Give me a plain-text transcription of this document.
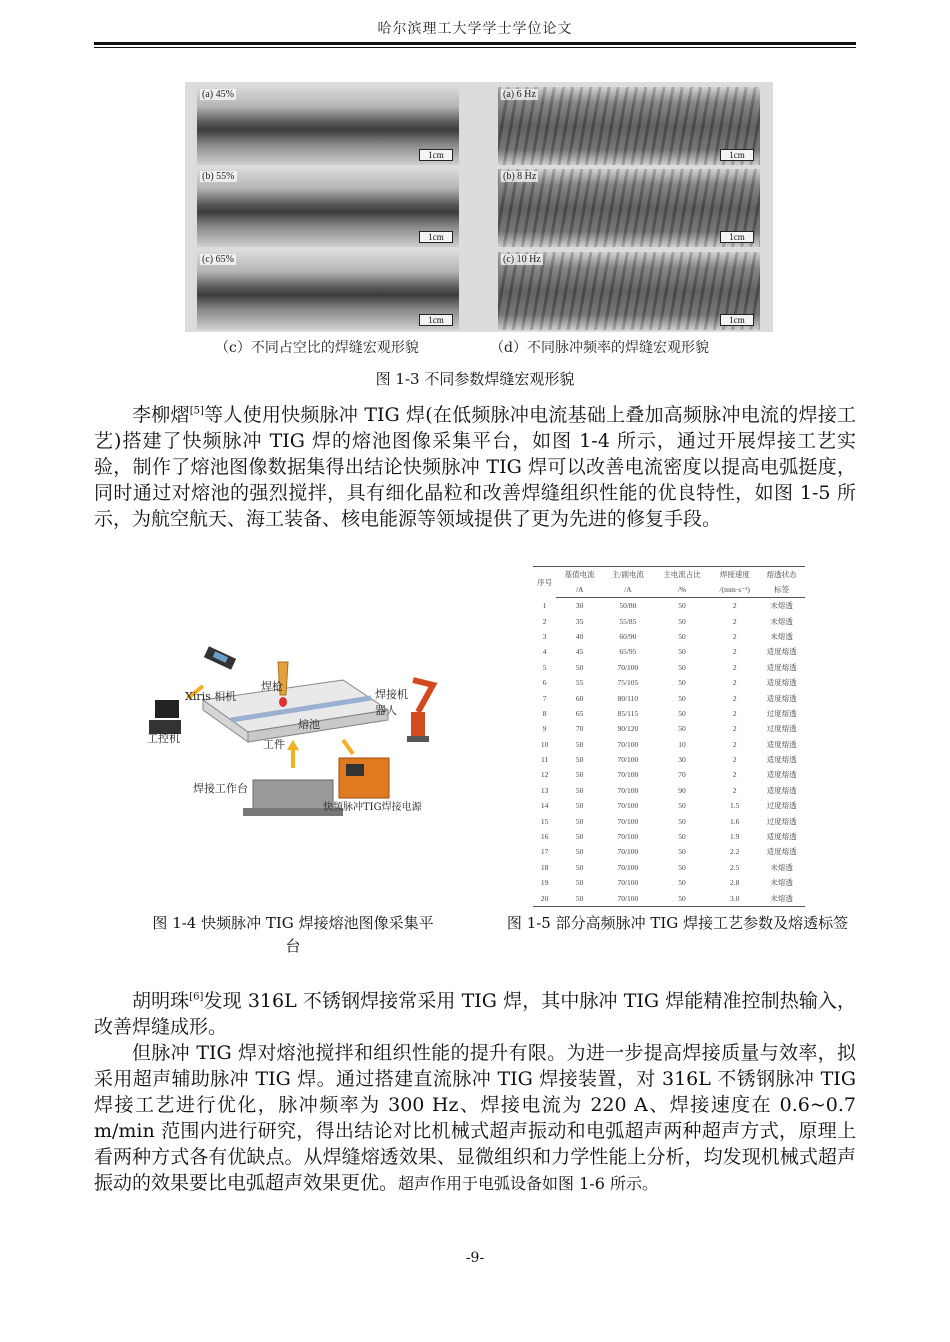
哈尔滨理工大学学士学位论文
(a) 45%
1cm
(b) 55%
1cm
(c) 65%
1cm
(a) 6 Hz
1cm
(b) 8 Hz
1cm
(c) 10 Hz
1cm
（c）不同占空比的焊缝宏观形貌	（d）不同脉冲频率的焊缝宏观形貌
图 1-3 不同参数焊缝宏观形貌

李柳熠[5]等人使用快频脉冲 TIG 焊(在低频脉冲电流基础上叠加高频脉冲电流的焊接工艺)搭建了快频脉冲 TIG 焊的熔池图像采集平台，如图 1-4 所示，通过开展焊接工艺实验，制作了熔池图像数据集得出结论快频脉冲 TIG 焊可以改善电流密度以提高电弧挺度，同时通过对熔池的强烈搅拌，具有细化晶粒和改善焊缝组织性能的优良特性，如图 1-5 所示，为航空航天、海工装备、核电能源等领域提供了更为先进的修复手段。

Xiris 相机
焊枪
焊接机器人
工控机
熔池
工件
焊接工作台
快频脉冲TIG焊接电源
图 1-4 快频脉冲 TIG 焊接熔池图像采集平台
序号	基值电流	主/副电流	主电流占比	焊接速度	熔透状态
	/A	/A	/%	/(mm·s⁻¹)	标签
1	30	50/80	50	2	未熔透
2	35	55/85	50	2	未熔透
3	40	60/90	50	2	未熔透
4	45	65/95	50	2	适度熔透
5	50	70/100	50	2	适度熔透
6	55	75/105	50	2	适度熔透
7	60	80/110	50	2	适度熔透
8	65	85/115	50	2	过度熔透
9	70	90/120	50	2	过度熔透
10	50	70/100	10	2	适度熔透
11	50	70/100	30	2	适度熔透
12	50	70/100	70	2	适度熔透
13	50	70/100	90	2	适度熔透
14	50	70/100	50	1.5	过度熔透
15	50	70/100	50	1.6	过度熔透
16	50	70/100	50	1.9	适度熔透
17	50	70/100	50	2.2	适度熔透
18	50	70/100	50	2.5	未熔透
19	50	70/100	50	2.8	未熔透
20	50	70/100	50	3.0	未熔透
图 1-5 部分高频脉冲 TIG 焊接工艺参数及熔透标签

胡明珠[6]发现 316L 不锈钢焊接常采用 TIG 焊，其中脉冲 TIG 焊能精准控制热输入，改善焊缝成形。

但脉冲 TIG 焊对熔池搅拌和组织性能的提升有限。为进一步提高焊接质量与效率，拟采用超声辅助脉冲 TIG 焊。通过搭建直流脉冲 TIG 焊接装置，对 316L 不锈钢脉冲 TIG 焊接工艺进行优化，脉冲频率为 300 Hz、焊接电流为 220 A、焊接速度在 0.6~0.7 m/min 范围内进行研究，得出结论对比机械式超声振动和电弧超声两种超声方式，原理上看两种方式各有优缺点。从焊缝熔透效果、显微组织和力学性能上分析，均发现机械式超声振动的效果要比电弧超声效果更优。超声作用于电弧设备如图 1-6 所示。

-9-
